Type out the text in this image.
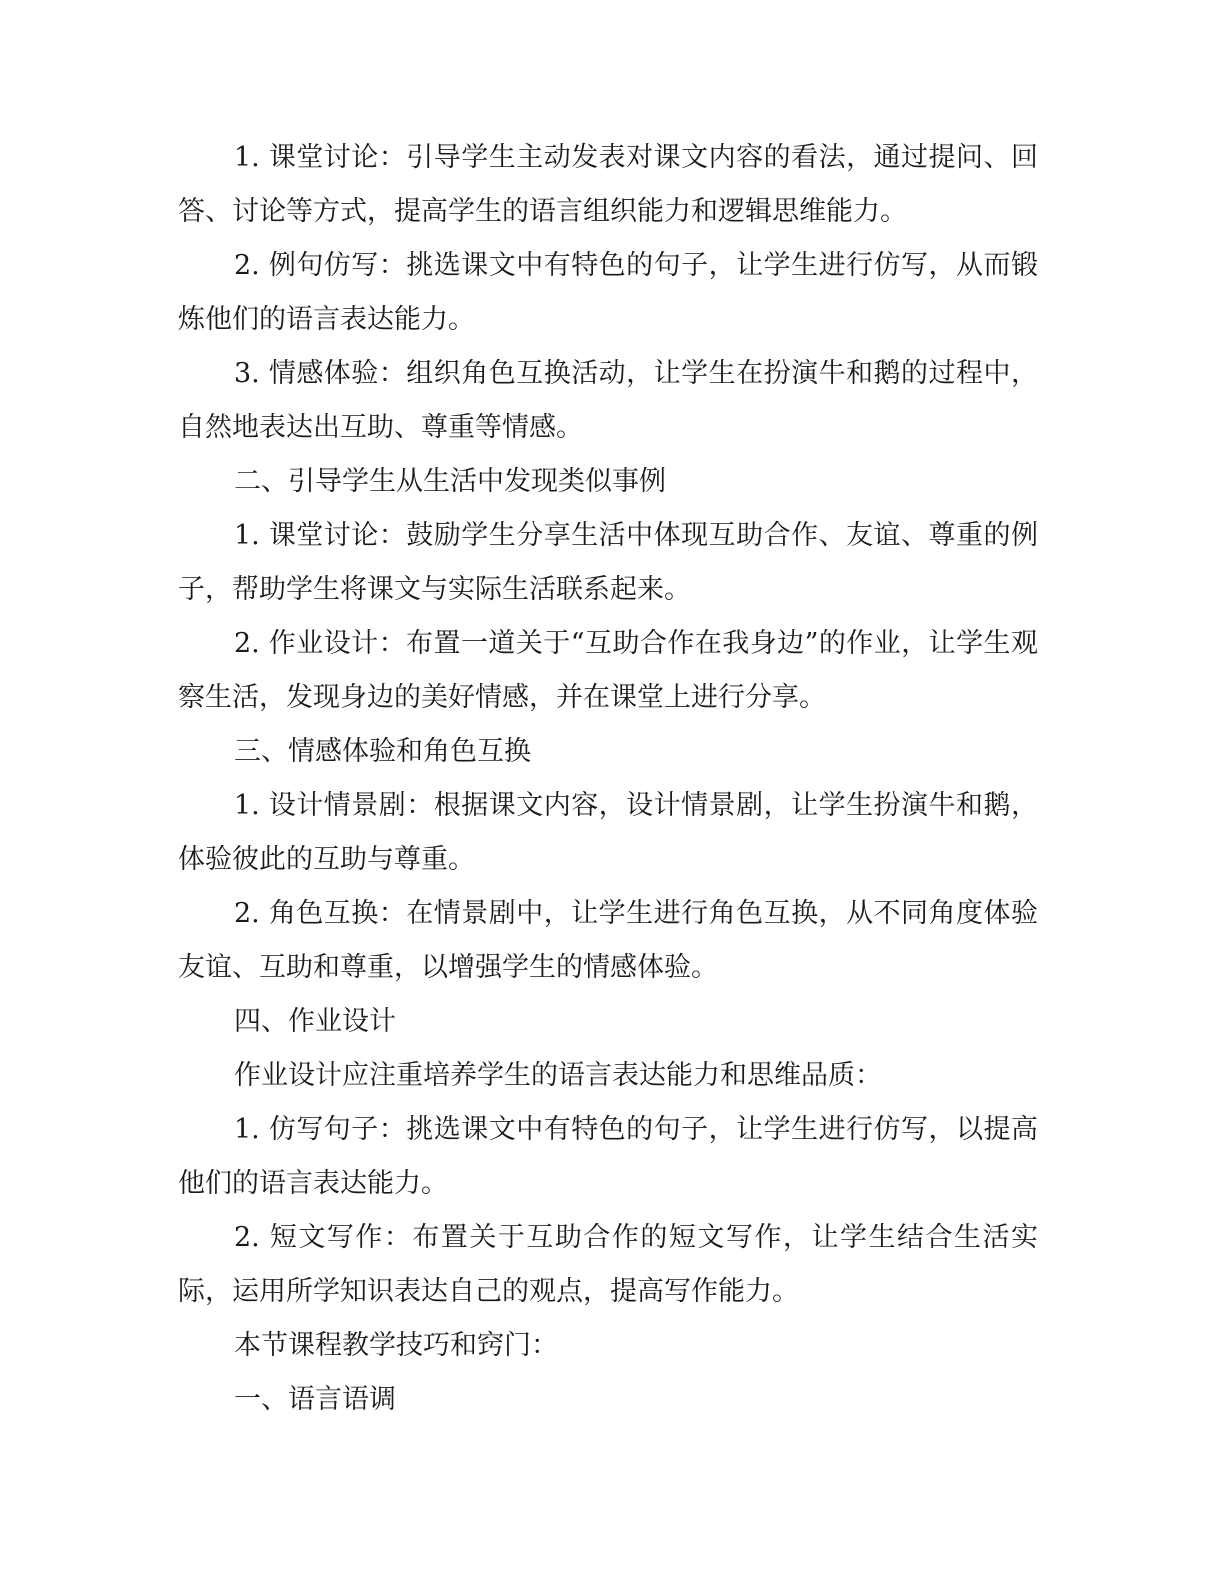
1. 课堂讨论：引导学生主动发表对课文内容的看法，通过提问、回答、讨论等方式，提高学生的语言组织能力和逻辑思维能力。

2. 例句仿写：挑选课文中有特色的句子，让学生进行仿写，从而锻炼他们的语言表达能力。

3. 情感体验：组织角色互换活动，让学生在扮演牛和鹅的过程中，自然地表达出互助、尊重等情感。

二、引导学生从生活中发现类似事例

1. 课堂讨论：鼓励学生分享生活中体现互助合作、友谊、尊重的例子，帮助学生将课文与实际生活联系起来。

2. 作业设计：布置一道关于“互助合作在我身边”的作业，让学生观察生活，发现身边的美好情感，并在课堂上进行分享。

三、情感体验和角色互换

1. 设计情景剧：根据课文内容，设计情景剧，让学生扮演牛和鹅，体验彼此的互助与尊重。

2. 角色互换：在情景剧中，让学生进行角色互换，从不同角度体验友谊、互助和尊重，以增强学生的情感体验。

四、作业设计

作业设计应注重培养学生的语言表达能力和思维品质：

1. 仿写句子：挑选课文中有特色的句子，让学生进行仿写，以提高他们的语言表达能力。

2. 短文写作：布置关于互助合作的短文写作，让学生结合生活实际，运用所学知识表达自己的观点，提高写作能力。

本节课程教学技巧和窍门：

一、语言语调
